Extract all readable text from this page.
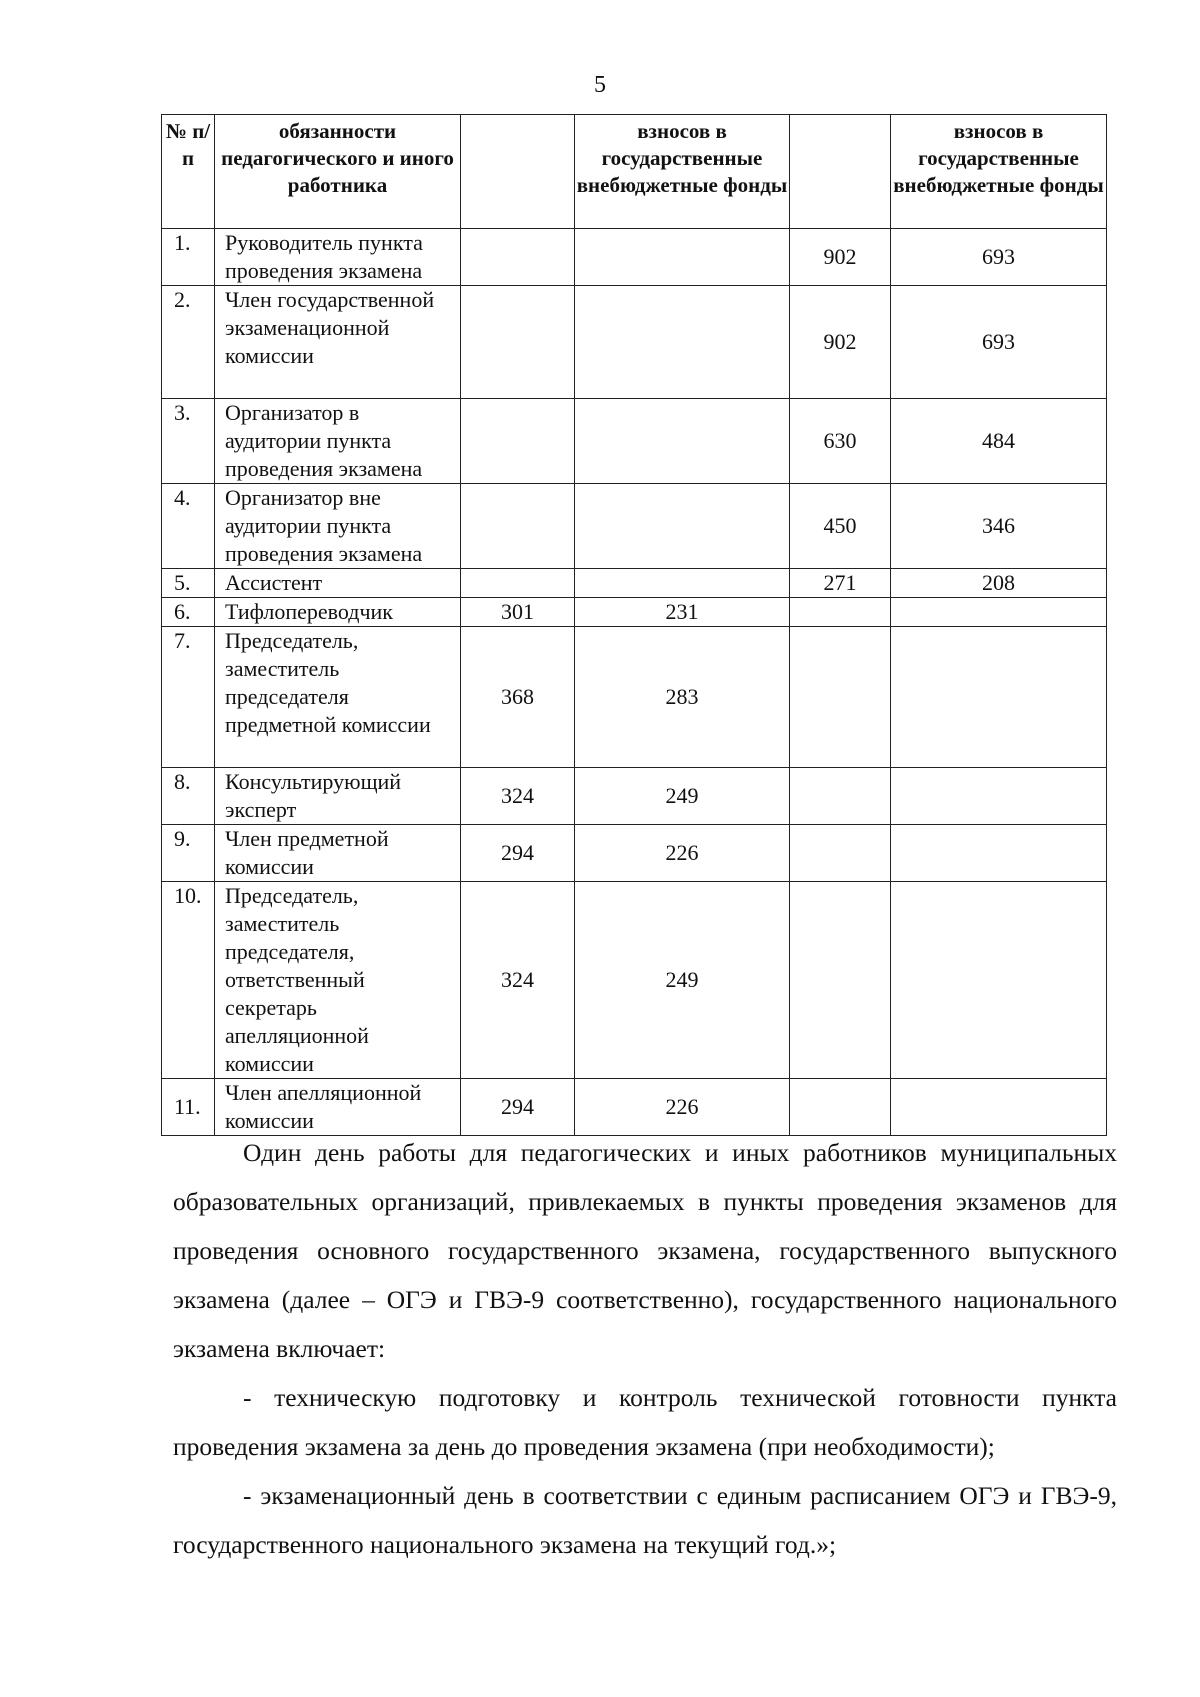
5
№ п/ п	обязанности педагогического и иного работника		взносов в государственные внебюджетные фонды		взносов в государственные внебюджетные фонды
1.	Руководитель пункта проведения экзамена			902	693
2.	Член государственной экзаменационной комиссии			902	693
3.	Организатор в аудитории пункта проведения экзамена			630	484
4.	Организатор вне аудитории пункта проведения экзамена			450	346
5.	Ассистент			271	208
6.	Тифлопереводчик	301	231		
7.	Председатель, заместитель председателя предметной комиссии	368	283		
8.	Консультирующий эксперт	324	249		
9.	Член предметной комиссии	294	226		
10.	Председатель, заместитель председателя, ответственный секретарь апелляционной комиссии	324	249		
11.	Член апелляционной комиссии	294	226		

Один день работы для педагогических и иных работников муниципальных образовательных организаций, привлекаемых в пункты проведения экзаменов для проведения основного государственного экзамена, государственного выпускного экзамена (далее – ОГЭ и ГВЭ-9 соответственно), государственного национального экзамена включает:

- техническую подготовку и контроль технической готовности пункта проведения экзамена за день до проведения экзамена (при необходимости);

- экзаменационный день в соответствии с единым расписанием ОГЭ и ГВЭ-9, государственного национального экзамена на текущий год.»;
